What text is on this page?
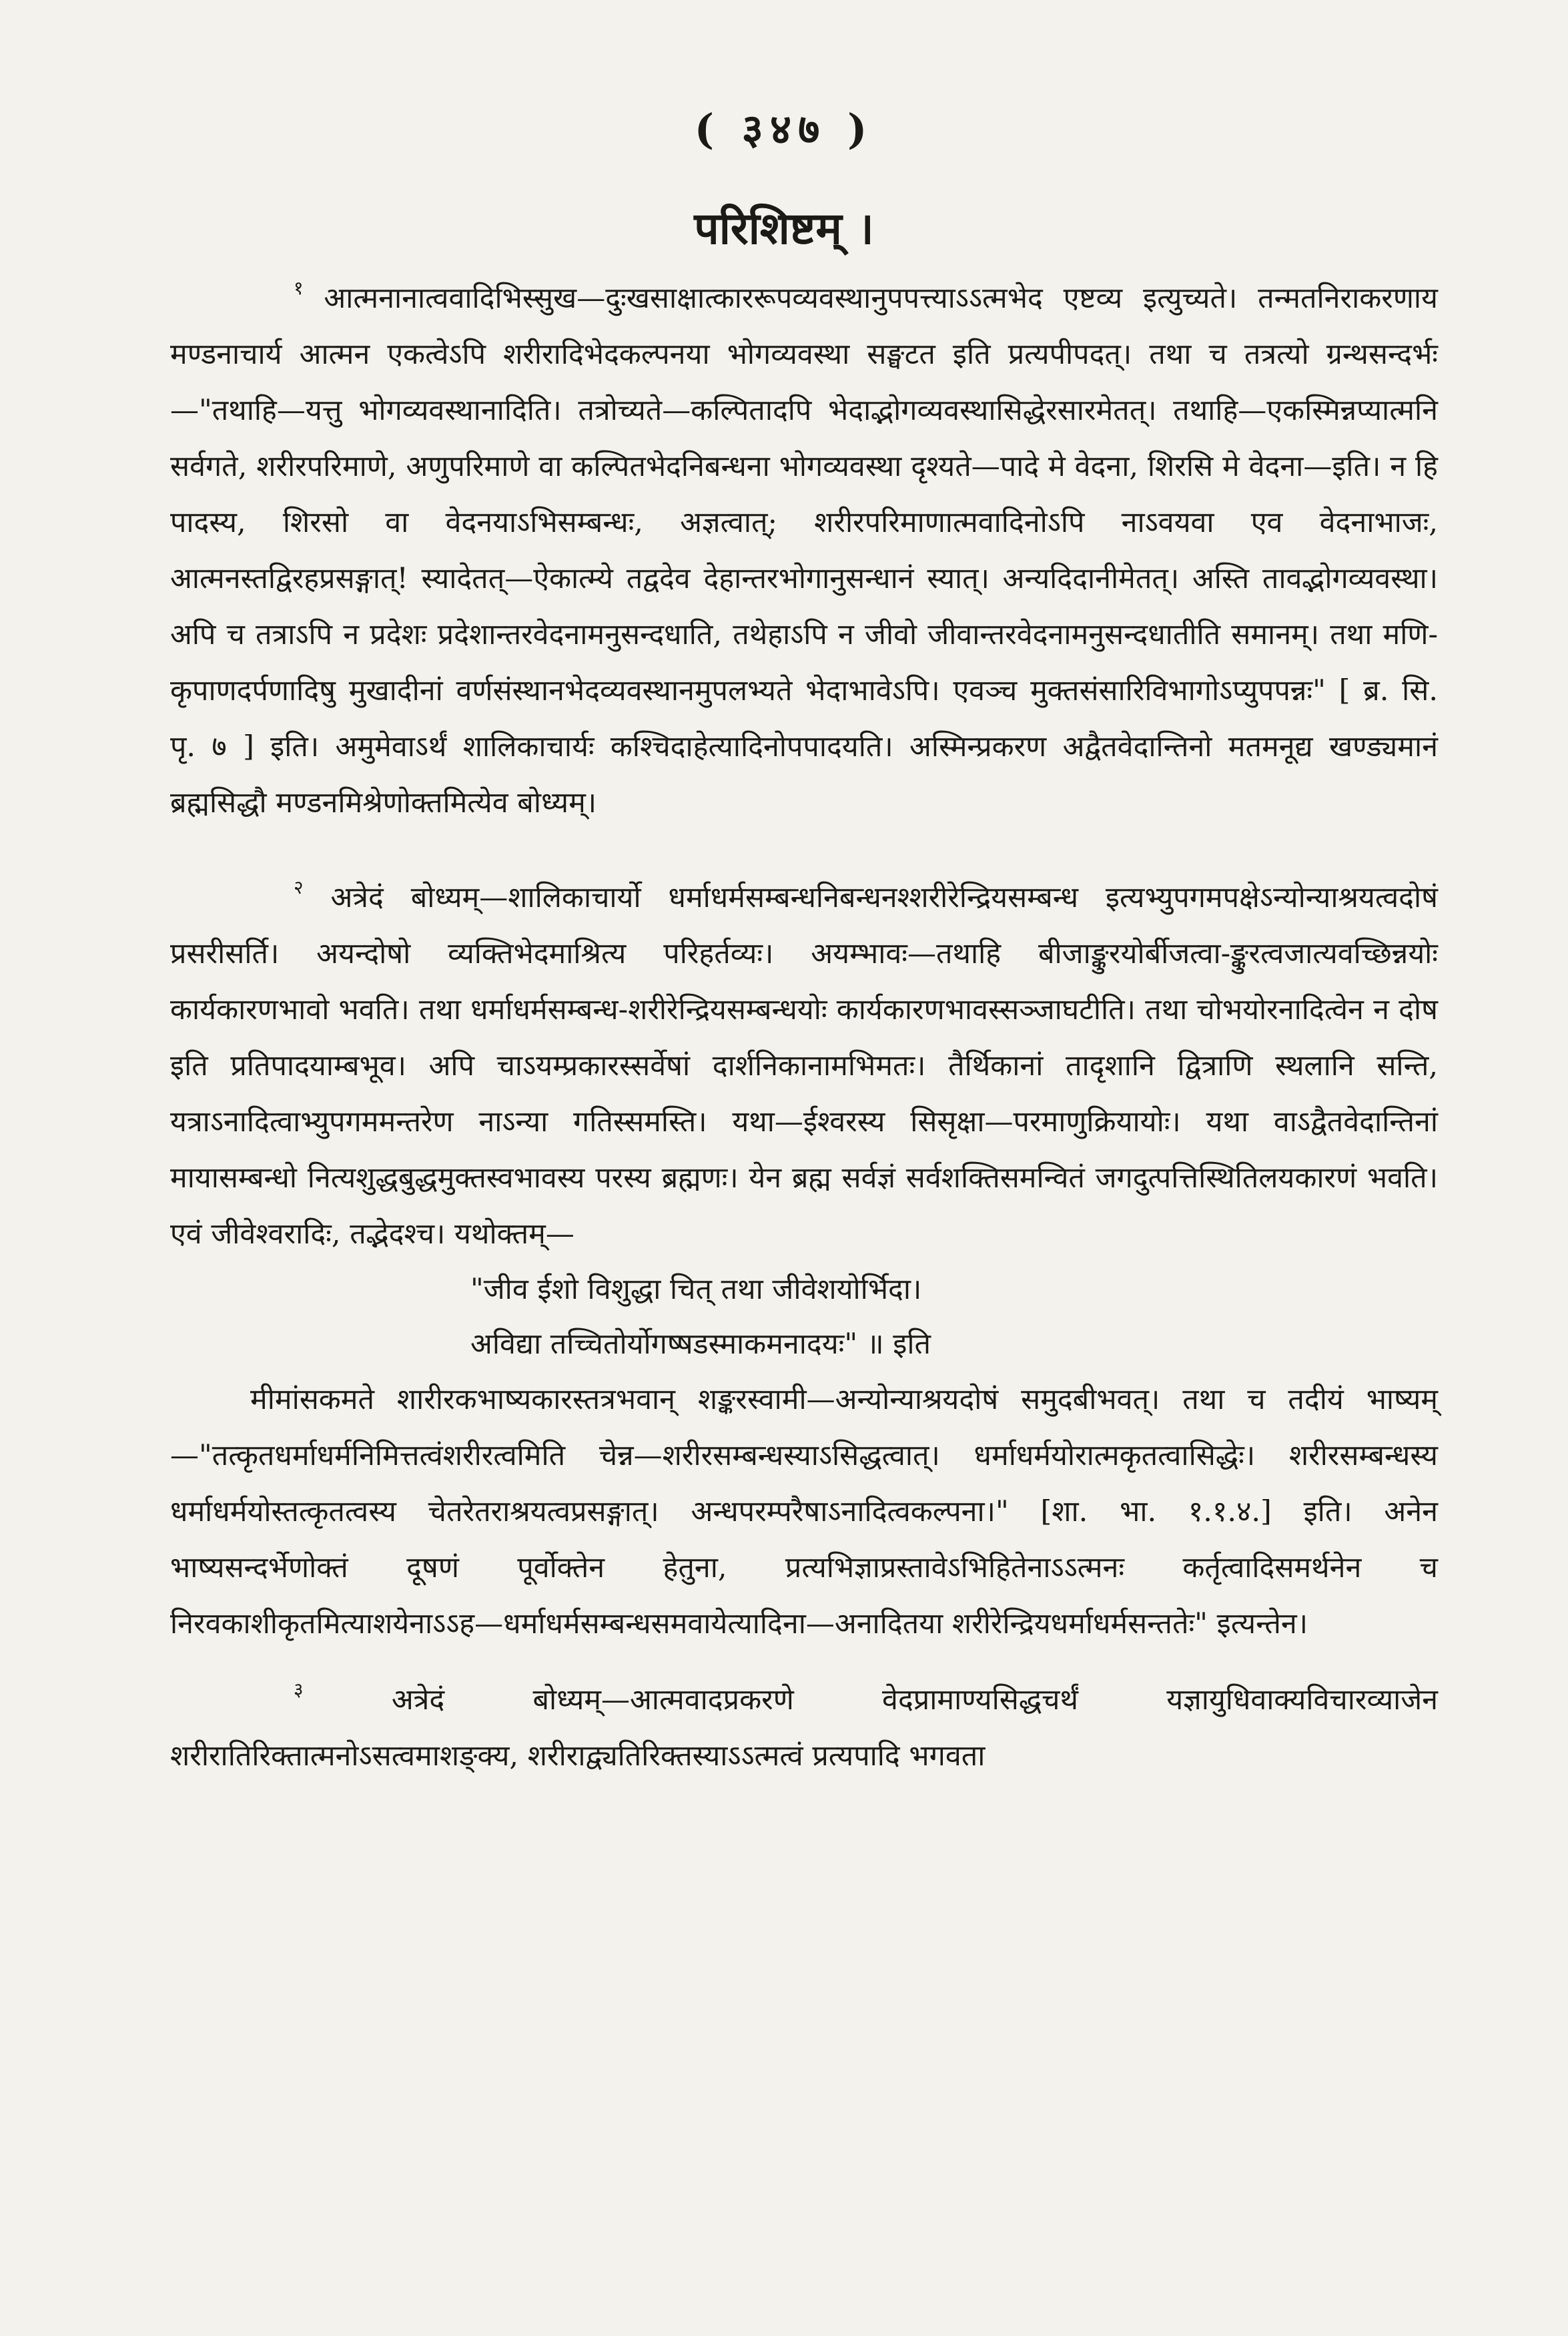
( ३४७ )
परिशिष्टम् ।

$^१$ आत्मनानात्ववादिभिस्सुख—दुःखसाक्षात्काररूपव्यवस्थानुपपत्त्याऽऽत्मभेद एष्टव्य इत्युच्यते। तन्मतनिराकरणाय मण्डनाचार्य आत्मन एकत्वेऽपि शरीरादिभेदकल्पनया भोगव्यवस्था सङ्घटत इति प्रत्यपीपदत्। तथा च तत्रत्यो ग्रन्थसन्दर्भः—"तथाहि—यत्तु भोगव्यवस्थानादिति। तत्रोच्यते—कल्पितादपि भेदाद्भोगव्यवस्थासिद्धेरसारमेतत्। तथाहि—एकस्मिन्नप्यात्मनि सर्वगते, शरीरपरिमाणे, अणुपरिमाणे वा कल्पितभेदनिबन्धना भोगव्यवस्था दृश्यते—पादे मे वेदना, शिरसि मे वेदना—इति। न हि पादस्य, शिरसो वा वेदनयाऽभिसम्बन्धः, अज्ञत्वात्; शरीरपरिमाणात्मवादिनोऽपि नाऽवयवा एव वेदनाभाजः, आत्मनस्तद्विरहप्रसङ्गात्! स्यादेतत्—ऐकात्म्ये तद्वदेव देहान्तरभोगानुसन्धानं स्यात्। अन्यदिदानीमेतत्। अस्ति तावद्भोगव्यवस्था। अपि च तत्राऽपि न प्रदेशः प्रदेशान्तरवेदनामनुसन्दधाति, तथेहाऽपि न जीवो जीवान्तरवेदनामनुसन्दधातीति समानम्। तथा मणि-कृपाणदर्पणादिषु मुखादीनां वर्णसंस्थानभेदव्यवस्थानमुपलभ्यते भेदाभावेऽपि। एवञ्च मुक्तसंसारिविभागोऽप्युपपन्नः" [ ब्र. सि. पृ. ७ ] इति। अमुमेवाऽर्थं शालिकाचार्यः कश्चिदाहेत्यादिनोपपादयति। अस्मिन्प्रकरण अद्वैतवेदान्तिनो मतमनूद्य खण्ड्यमानं ब्रह्मसिद्धौ मण्डनमिश्रेणोक्तमित्येव बोध्यम्।

$^२$ अत्रेदं बोध्यम्—शालिकाचार्यो धर्माधर्मसम्बन्धनिबन्धनश्शरीरेन्द्रियसम्बन्ध इत्यभ्युपगमपक्षेऽन्योन्याश्रयत्वदोषं प्रसरीसर्ति। अयन्दोषो व्यक्तिभेदमाश्रित्य परिहर्तव्यः। अयम्भावः—तथाहि बीजाङ्कुरयोर्बीजत्वा-ङ्कुरत्वजात्यवच्छिन्नयोः कार्यकारणभावो भवति। तथा धर्माधर्मसम्बन्ध-शरीरेन्द्रियसम्बन्धयोः कार्यकारणभावस्सञ्जाघटीति। तथा चोभयोरनादित्वेन न दोष इति प्रतिपादयाम्बभूव। अपि चाऽयम्प्रकारस्सर्वेषां दार्शनिकानामभिमतः। तैर्थिकानां तादृशानि द्वित्राणि स्थलानि सन्ति, यत्राऽनादित्वाभ्युपगममन्तरेण नाऽन्या गतिस्समस्ति। यथा—ईश्वरस्य सिसृक्षा—परमाणुक्रियायोः। यथा वाऽद्वैतवेदान्तिनां मायासम्बन्धो नित्यशुद्धबुद्धमुक्तस्वभावस्य परस्य ब्रह्मणः। येन ब्रह्म सर्वज्ञं सर्वशक्तिसमन्वितं जगदुत्पत्तिस्थितिलयकारणं भवति। एवं जीवेश्वरादिः, तद्भेदश्च। यथोक्तम्—

"जीव ईशो विशुद्धा चित् तथा जीवेशयोर्भिदा।

अविद्या तच्चितोर्योगष्षडस्माकमनादयः" ॥ इति

मीमांसकमते शारीरकभाष्यकारस्तत्रभवान् शङ्करस्वामी—अन्योन्याश्रयदोषं समुदबीभवत्। तथा च तदीयं भाष्यम्—"तत्कृतधर्माधर्मनिमित्तत्वंशरीरत्वमिति चेन्न—शरीरसम्बन्धस्याऽसिद्धत्वात्। धर्माधर्मयोरात्मकृतत्वासिद्धेः। शरीरसम्बन्धस्य धर्माधर्मयोस्तत्कृतत्वस्य चेतरेतराश्रयत्वप्रसङ्गात्। अन्धपरम्परैषाऽनादित्वकल्पना।" [शा. भा. १.१.४.] इति। अनेन भाष्यसन्दर्भेणोक्तं दूषणं पूर्वोक्तेन हेतुना, प्रत्यभिज्ञाप्रस्तावेऽभिहितेनाऽऽत्मनः कर्तृत्वादिसमर्थनेन च निरवकाशीकृतमित्याशयेनाऽऽह—धर्माधर्मसम्बन्धसमवायेत्यादिना—अनादितया शरीरेन्द्रियधर्माधर्मसन्ततेः" इत्यन्तेन।

$^३$	अत्रेदं बोध्यम्—आत्मवादप्रकरणे वेदप्रामाण्यसिद्धचर्थं यज्ञायुधिवाक्यविचारव्याजेन शरीरातिरिक्तात्मनोऽसत्वमाशङ्क्य, शरीराद्व्यतिरिक्तस्याऽऽत्मत्वं प्रत्यपादि भगवता
